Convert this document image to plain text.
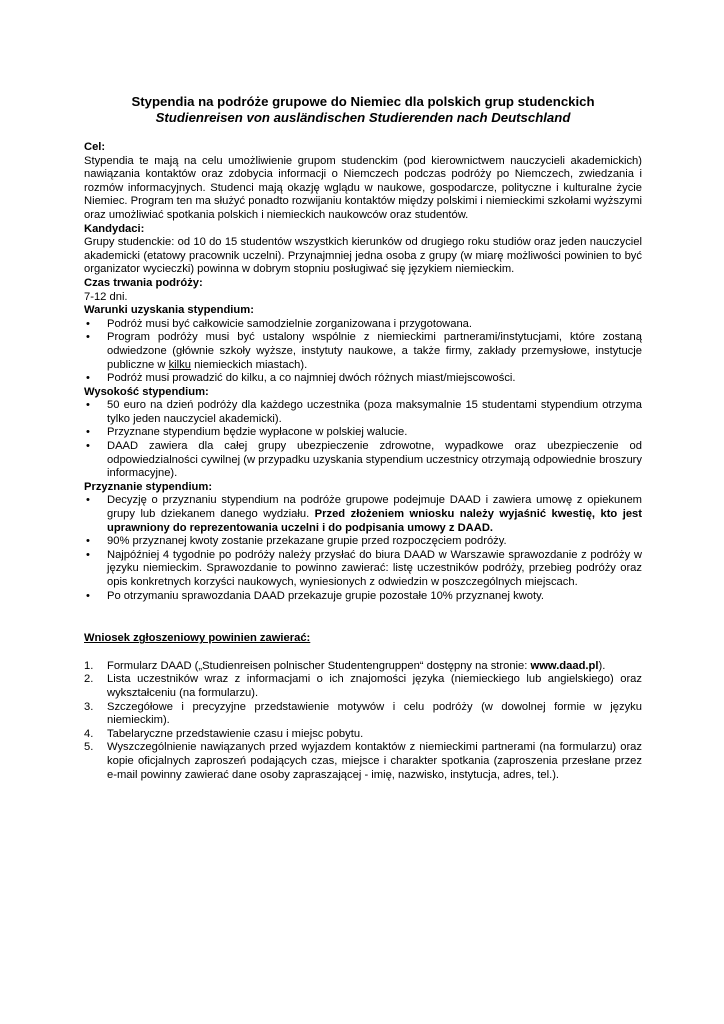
Stypendia na podróże grupowe do Niemiec dla polskich grup studenckich
Studienreisen von ausländischen Studierenden nach Deutschland
Cel:

Stypendia te mają na celu umożliwienie grupom studenckim (pod kierownictwem nauczycieli akademickich) nawiązania kontaktów oraz zdobycia informacji o Niemczech podczas podróży po Niemczech, zwiedzania i rozmów informacyjnych. Studenci mają okazję wglądu w naukowe, gospodarcze, polityczne i kulturalne życie Niemiec. Program ten ma służyć ponadto rozwijaniu kontaktów między polskimi i niemieckimi szkołami wyższymi oraz umożliwiać spotkania polskich i niemieckich naukowców oraz studentów.

Kandydaci:

Grupy studenckie: od 10 do 15 studentów wszystkich kierunków od drugiego roku studiów oraz jeden nauczyciel akademicki (etatowy pracownik uczelni). Przynajmniej jedna osoba z grupy (w miarę możliwości powinien to być organizator wycieczki) powinna w dobrym stopniu posługiwać się językiem niemieckim.

Czas trwania podróży:

7-12 dni.

Warunki uzyskania stypendium:
• Podróż musi być całkowicie samodzielnie zorganizowana i przygotowana.
• Program podróży musi być ustalony wspólnie z niemieckimi partnerami/instytucjami, które zostaną odwiedzone (głównie szkoły wyższe, instytuty naukowe, a także firmy, zakłady przemysłowe, instytucje publiczne w kilku niemieckich miastach).
• Podróż musi prowadzić do kilku, a co najmniej dwóch różnych miast/miejscowości.
Wysokość stypendium:
• 50 euro na dzień podróży dla każdego uczestnika (poza maksymalnie 15 studentami stypendium otrzyma tylko jeden nauczyciel akademicki).
• Przyznane stypendium będzie wypłacone w polskiej walucie.
• DAAD zawiera dla całej grupy ubezpieczenie zdrowotne, wypadkowe oraz ubezpieczenie od odpowiedzialności cywilnej (w przypadku uzyskania stypendium uczestnicy otrzymają odpowiednie broszury informacyjne).
Przyznanie stypendium:
• Decyzję o przyznaniu stypendium na podróże grupowe podejmuje DAAD i zawiera umowę z opiekunem grupy lub dziekanem danego wydziału. Przed złożeniem wniosku należy wyjaśnić kwestię, kto jest uprawniony do reprezentowania uczelni i do podpisania umowy z DAAD.
• 90% przyznanej kwoty zostanie przekazane grupie przed rozpoczęciem podróży.
• Najpóźniej 4 tygodnie po podróży należy przysłać do biura DAAD w Warszawie sprawozdanie z podróży w języku niemieckim. Sprawozdanie to powinno zawierać: listę uczestników podróży, przebieg podróży oraz opis konkretnych korzyści naukowych, wyniesionych z odwiedzin w poszczególnych miejscach.
• Po otrzymaniu sprawozdania DAAD przekazuje grupie pozostałe 10% przyznanej kwoty.
Wniosek zgłoszeniowy powinien zawierać:
1. Formularz DAAD („Studienreisen polnischer Studentengruppen“ dostępny na stronie: www.daad.pl).
2. Lista uczestników wraz z informacjami o ich znajomości języka (niemieckiego lub angielskiego) oraz wykształceniu (na formularzu).
3. Szczegółowe i precyzyjne przedstawienie motywów i celu podróży (w dowolnej formie w języku niemieckim).
4. Tabelaryczne przedstawienie czasu i miejsc pobytu.
5. Wyszczególnienie nawiązanych przed wyjazdem kontaktów z niemieckimi partnerami (na formularzu) oraz kopie oficjalnych zaproszeń podających czas, miejsce i charakter spotkania (zaproszenia przesłane przez e-mail powinny zawierać dane osoby zapraszającej - imię, nazwisko, instytucja, adres, tel.).
